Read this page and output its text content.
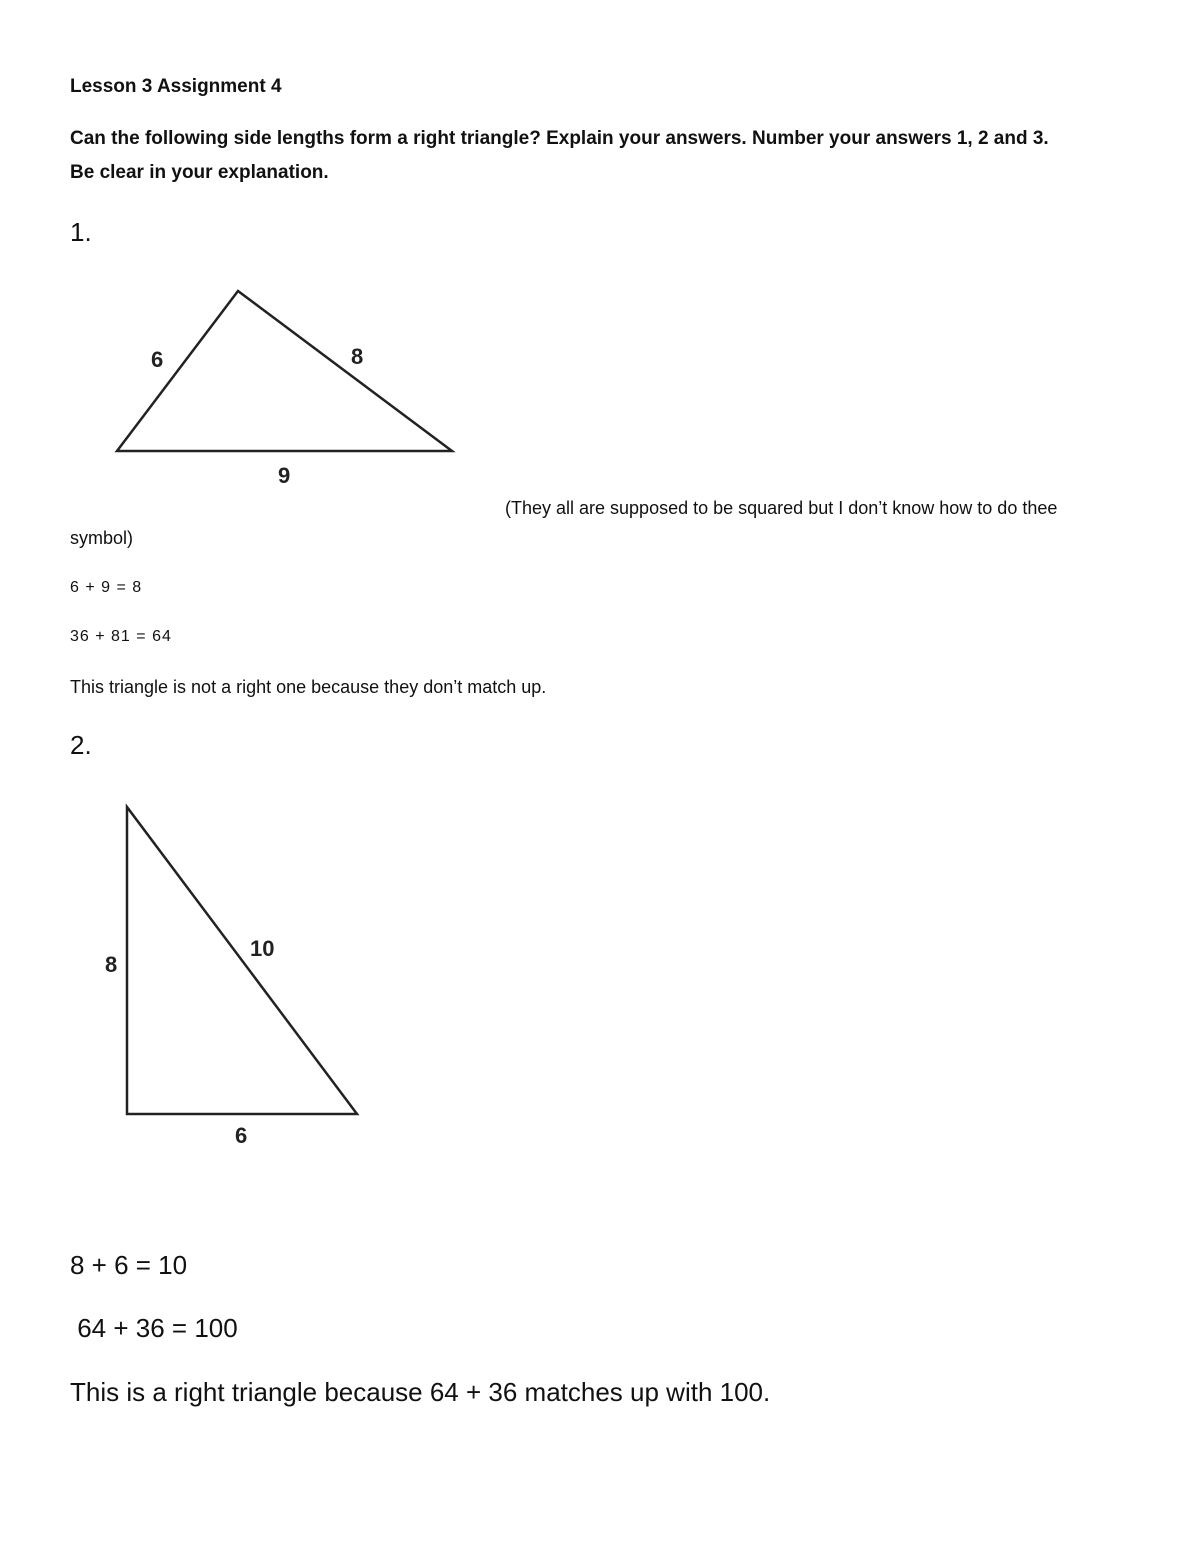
Lesson 3 Assignment 4

Can the following side lengths form a right triangle? Explain your answers. Number your answers 1, 2 and 3.

Be clear in your explanation.

1.

6	8
9

(They all are supposed to be squared but I don’t know how to do thee

symbol)

6 + 9 = 8

36 + 81 = 64

This triangle is not a right one because they don’t match up.

2.

8
10
6

8 + 6 = 10

64 + 36 = 100

This is a right triangle because 64 + 36 matches up with 100.
